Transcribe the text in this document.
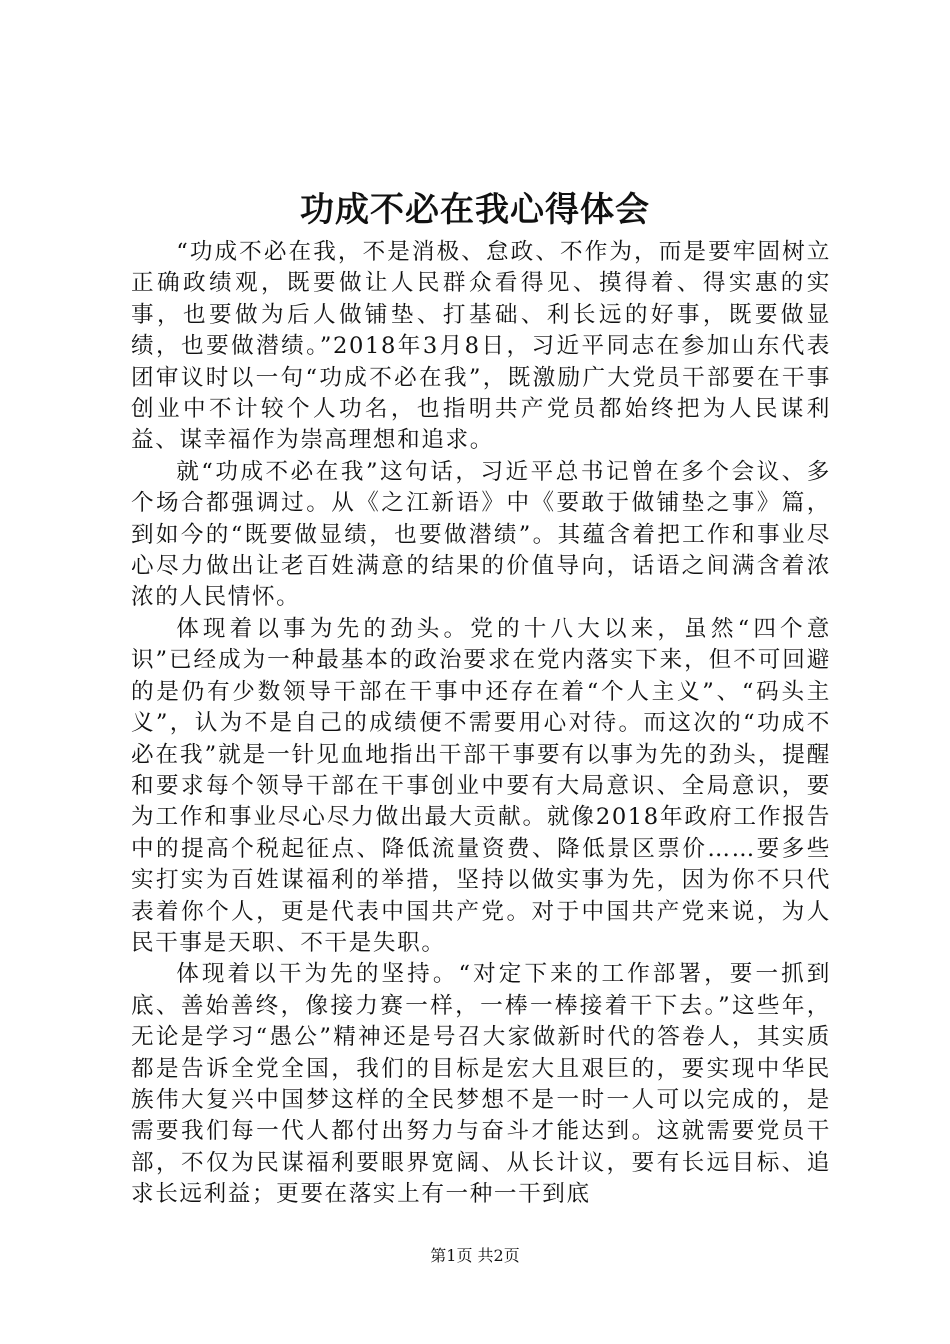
功成不必在我心得体会

“功成不必在我，不是消极、怠政、不作为，而是要牢固树立正确政绩观，既要做让人民群众看得见、摸得着、得实惠的实事，也要做为后人做铺垫、打基础、利长远的好事，既要做显绩，也要做潜绩。”2018年3月8日，习近平同志在参加山东代表团审议时以一句“功成不必在我”，既激励广大党员干部要在干事创业中不计较个人功名，也指明共产党员都始终把为人民谋利益、谋幸福作为崇高理想和追求。

就“功成不必在我”这句话，习近平总书记曾在多个会议、多个场合都强调过。从《之江新语》中《要敢于做铺垫之事》篇，到如今的“既要做显绩，也要做潜绩”。其蕴含着把工作和事业尽心尽力做出让老百姓满意的结果的价值导向，话语之间满含着浓浓的人民情怀。

体现着以事为先的劲头。党的十八大以来，虽然“四个意识”已经成为一种最基本的政治要求在党内落实下来，但不可回避的是仍有少数领导干部在干事中还存在着“个人主义”、“码头主义”，认为不是自己的成绩便不需要用心对待。而这次的“功成不必在我”就是一针见血地指出干部干事要有以事为先的劲头，提醒和要求每个领导干部在干事创业中要有大局意识、全局意识，要为工作和事业尽心尽力做出最大贡献。就像2018年政府工作报告中的提高个税起征点、降低流量资费、降低景区票价……要多些实打实为百姓谋福利的举措，坚持以做实事为先，因为你不只代表着你个人，更是代表中国共产党。对于中国共产党来说，为人民干事是天职、不干是失职。

体现着以干为先的坚持。“对定下来的工作部署，要一抓到底、善始善终，像接力赛一样，一棒一棒接着干下去。”这些年，无论是学习“愚公”精神还是号召大家做新时代的答卷人，其实质都是告诉全党全国，我们的目标是宏大且艰巨的，要实现中华民族伟大复兴中国梦这样的全民梦想不是一时一人可以完成的，是需要我们每一代人都付出努力与奋斗才能达到。这就需要党员干部，不仅为民谋福利要眼界宽阔、从长计议，要有长远目标、追求长远利益；更要在落实上有一种一干到底

第1页 共2页
